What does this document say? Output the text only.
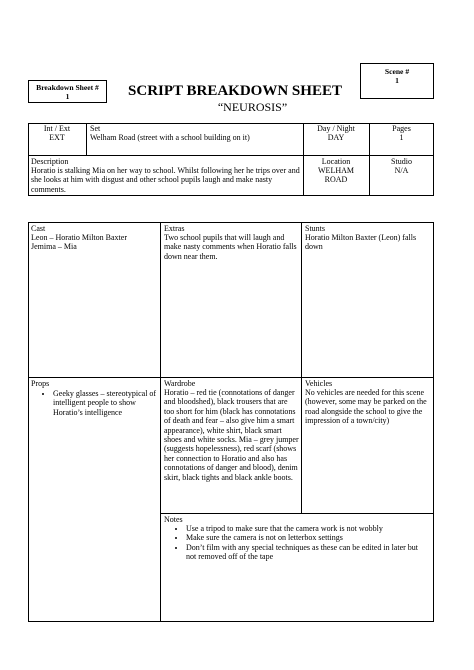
Breakdown Sheet #
1	SCRIPT BREAKDOWN SHEET
“NEUROSIS”
Scene #
1
Int / Ext
EXT
Set
Welham Road (street with a school building on it)
Day / Night
DAY
Pages
1
Description
Horatio is stalking Mia on her way to school. Whilst following her he trips over and she looks at him with disgust and other school pupils laugh and make nasty comments.
Location
WELHAM
ROAD
Studio
N/A
Cast
Leon – Horatio Milton Baxter
Jemima – Mia
Extras
Two school pupils that will laugh and make nasty comments when Horatio falls down near them.
Stunts
Horatio Milton Baxter (Leon) falls down
Props
• Geeky glasses – stereotypical of intelligent people to show Horatio’s intelligence
Wardrobe
Horatio – red tie (connotations of danger and bloodshed), black trousers that are too short for him (black has connotations of death and fear – also give him a smart appearance), white shirt, black smart shoes and white socks. Mia – grey jumper (suggests hopelessness), red scarf (shows her connection to Horatio and also has connotations of danger and blood), denim skirt, black tights and black ankle boots.
Vehicles
No vehicles are needed for this scene (however, some may be parked on the road alongside the school to give the impression of a town/city)
Notes
• Use a tripod to make sure that the camera work is not wobbly
• Make sure the camera is not on letterbox settings
• Don’t film with any special techniques as these can be edited in later but not removed off of the tape
